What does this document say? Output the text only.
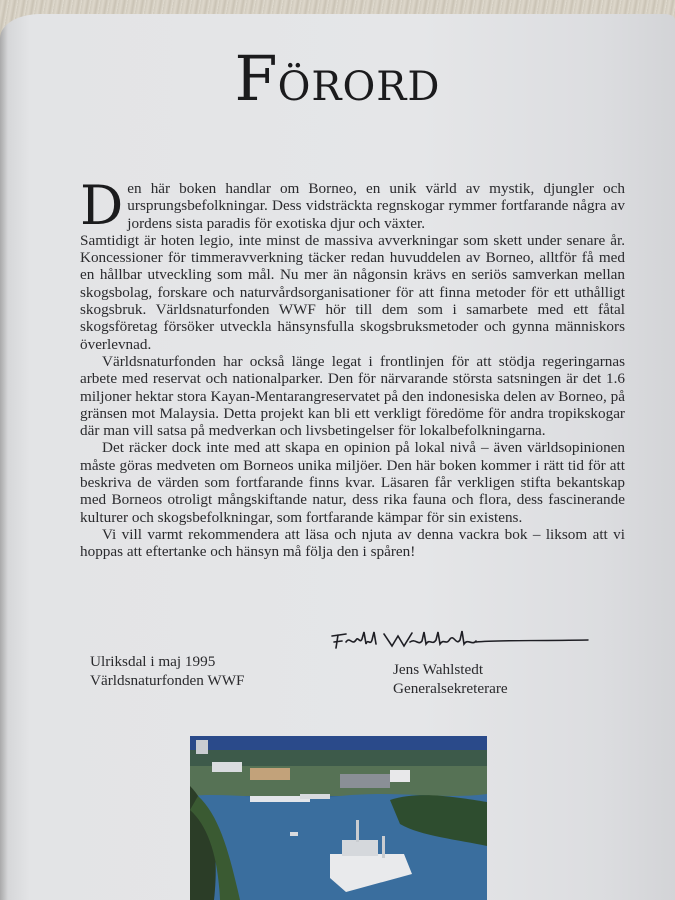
FÖRORD

Den här boken handlar om Borneo, en unik värld av mystik, djungler och ursprungsbefolkningar. Dess vidsträckta regnskogar rymmer fortfarande några av jordens sista paradis för exotiska djur och växter.

Samtidigt är hoten legio, inte minst de massiva avverkningar som skett under senare år. Koncessioner för timmeravverkning täcker redan huvuddelen av Borneo, alltför få med en hållbar utveckling som mål. Nu mer än någonsin krävs en seriös samverkan mellan skogsbolag, forskare och naturvårdsorganisationer för att finna metoder för ett uthålligt skogsbruk. Världsnaturfonden WWF hör till dem som i samarbete med ett fåtal skogsföretag försöker utveckla hänsynsfulla skogsbruksmetoder och gynna människors överlevnad.

Världsnaturfonden har också länge legat i frontlinjen för att stödja regeringarnas arbete med reservat och nationalparker. Den för närvarande största satsningen är det 1.6 miljoner hektar stora Kayan-Mentarangreservatet på den indonesiska delen av Borneo, på gränsen mot Malaysia. Detta projekt kan bli ett verkligt föredöme för andra tropikskogar där man vill satsa på medverkan och livsbetingelser för lokalbefolkningarna.

Det räcker dock inte med att skapa en opinion på lokal nivå – även världsopinionen måste göras medveten om Borneos unika miljöer. Den här boken kommer i rätt tid för att beskriva de värden som fortfarande finns kvar. Läsaren får verkligen stifta bekantskap med Borneos otroligt mångskiftande natur, dess rika fauna och flora, dess fascinerande kulturer och skogsbefolkningar, som fortfarande kämpar för sin existens.

Vi vill varmt rekommendera att läsa och njuta av denna vackra bok – liksom att vi hoppas att eftertanke och hänsyn må följa den i spåren!

Ulriksdal i maj 1995
Världsnaturfonden WWF
Jens Wahlstedt
Generalsekreterare
